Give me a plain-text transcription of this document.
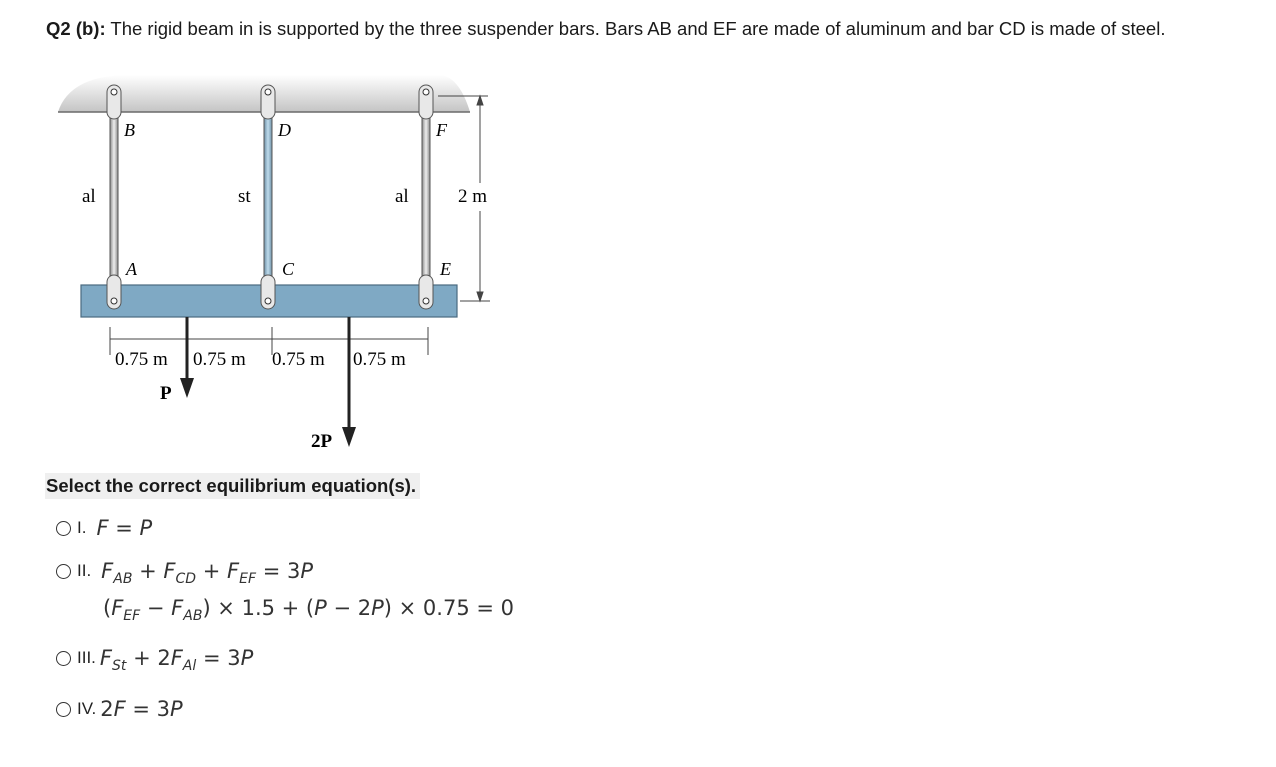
Q2 (b): The rigid beam in is supported by the three suspender bars. Bars AB and EF are made of aluminum and bar CD is made of steel.
B	D	F
A	C	E
al	st	al	2 m
0.75 m 0.75 m 0.75 m 0.75 m
P
2P
Select the correct equilibrium equation(s).
I. F = P
II. $F_{AB} + F_{CD} + F_{EF} = 3P$
$(F_{EF} - F_{AB}) \times 1.5 + (P - 2P) \times 0.75 = 0$
III. $F_{St} + 2F_{Al} = 3P$
IV. 2F = 3P
